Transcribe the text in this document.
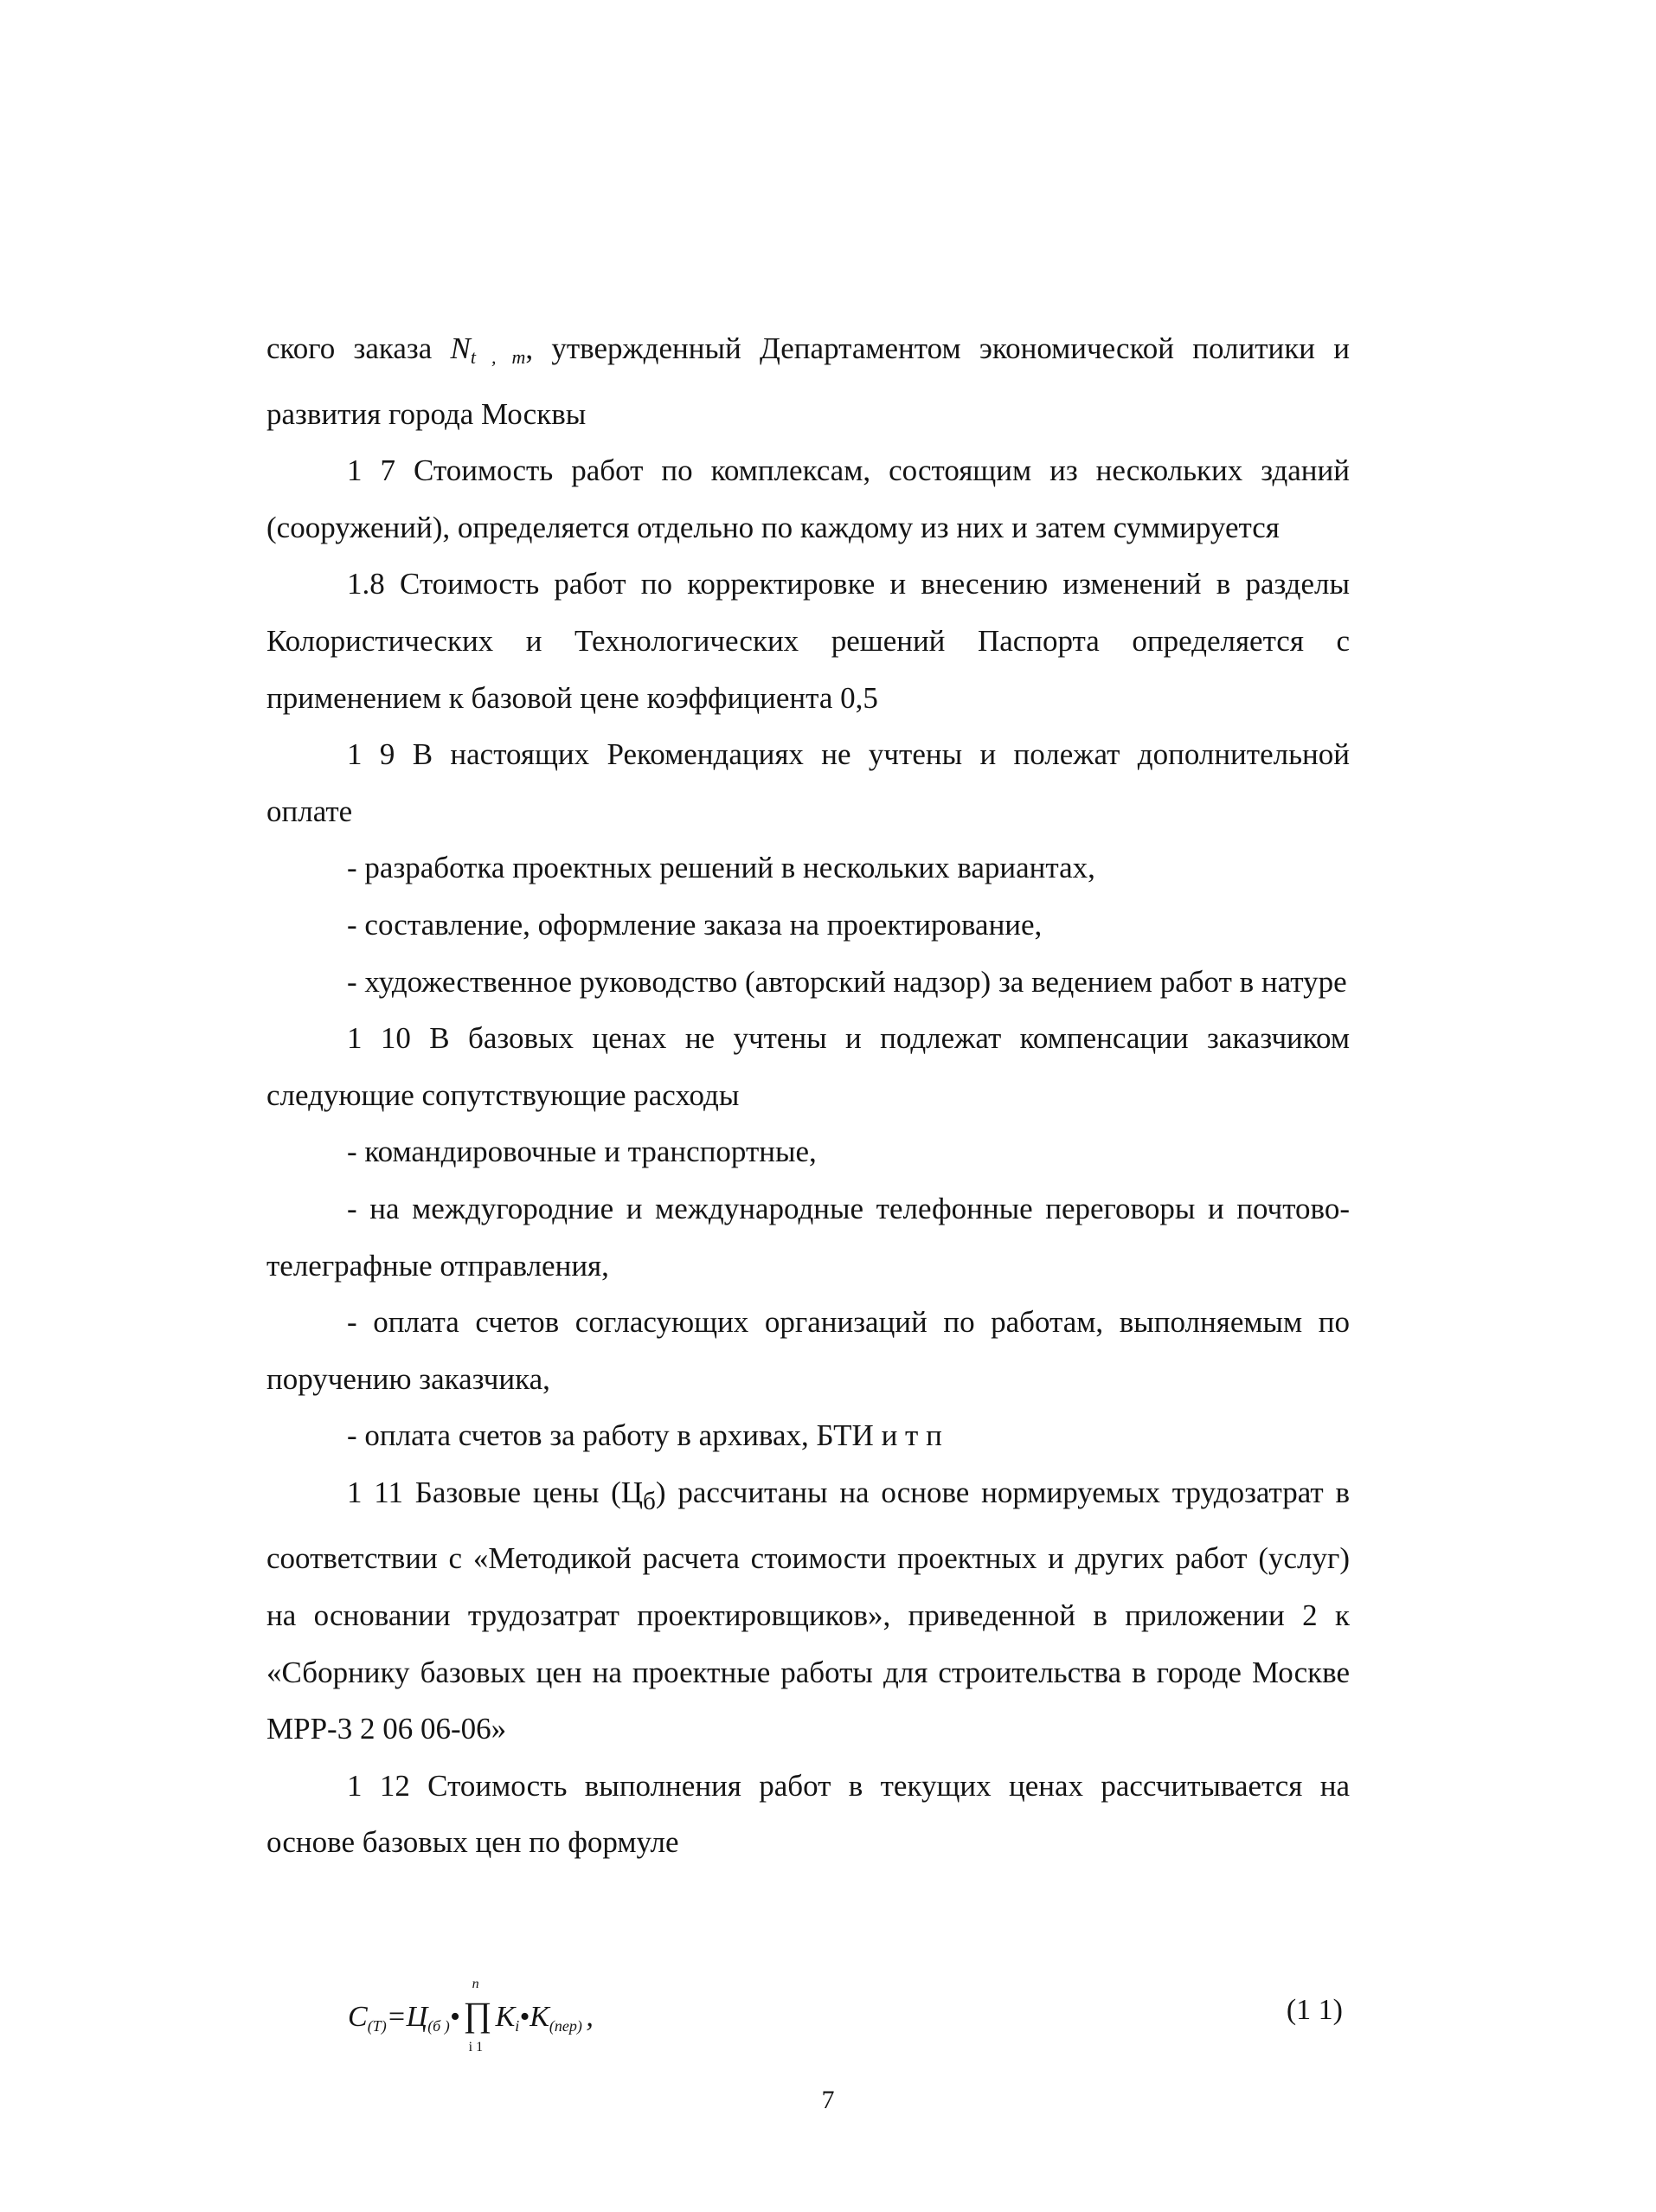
ского заказа $N_{t , т}$, утвержденный Департаментом экономической политики и развития города Москвы

1 7 Стоимость работ по комплексам, состоящим из нескольких зданий (сооружений), определяется отдельно по каждому из них и затем суммируется

1.8 Стоимость работ по корректировке и внесению изменений в разделы Колористических и Технологических решений Паспорта определяется с применением к базовой цене коэффициента 0,5

1 9 В настоящих Рекомендациях не учтены и полежат дополнительной оплате

- разработка проектных решений в нескольких вариантах,

- составление, оформление заказа на проектирование,

- художественное руководство (авторский надзор) за ведением работ в натуре

1 10 В базовых ценах не учтены и подлежат компенсации заказчиком следующие сопутствующие расходы

- командировочные и транспортные,

- на междугородние и международные телефонные переговоры и почтово-телеграфные отправления,

- оплата счетов согласующих организаций по работам, выполняемым по поручению заказчика,

- оплата счетов за работу в архивах, БТИ и т п

1 11 Базовые цены $(Ц_б)$ рассчитаны на основе нормируемых трудозатрат в соответствии с «Методикой расчета стоимости проектных и других работ (услуг) на основании трудозатрат проектировщиков», приведенной в приложении 2 к «Сборнику базовых цен на проектные работы для строительства в городе Москве МРР-3 2 06 06-06»

1 12 Стоимость выполнения работ в текущих ценах рассчитывается на основе базовых цен по формуле

C(T)=Ц(б )•
n
∏
i 1
Ki•K(пер) ,	(1 1)
7
